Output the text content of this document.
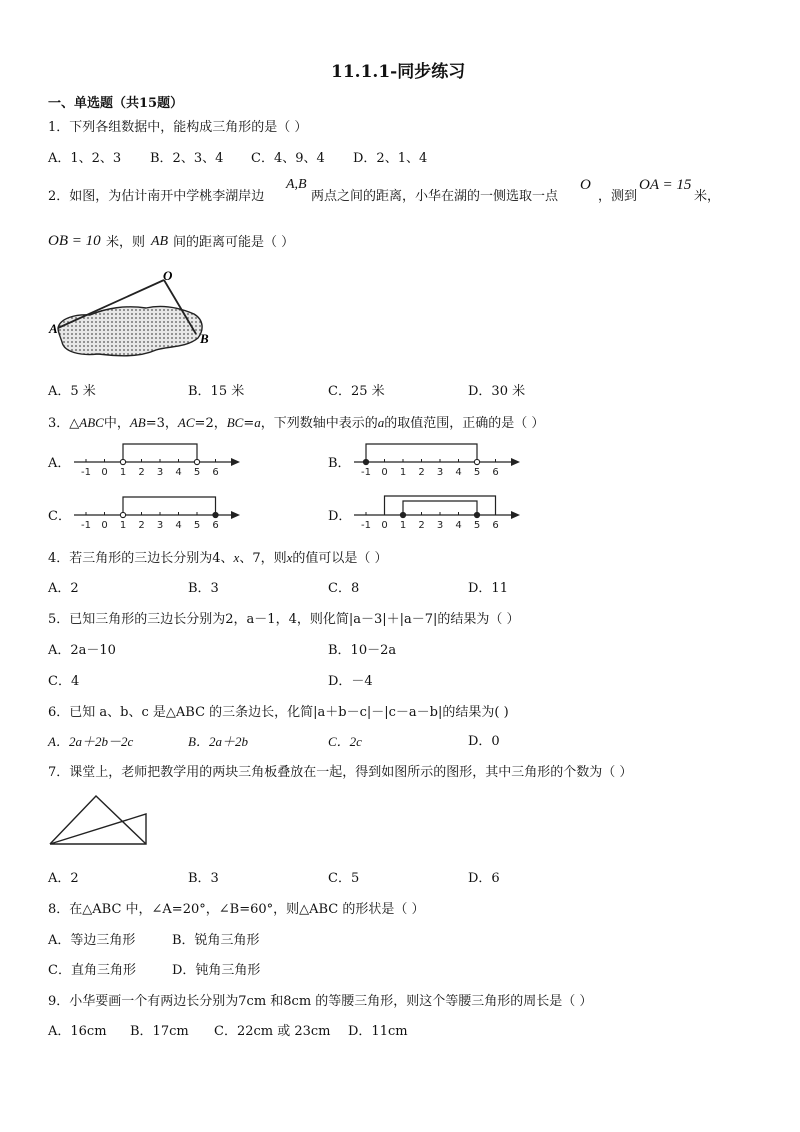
11.1.1-同步练习
一、单选题（共15题）
1．下列各组数据中，能构成三角形的是（ ）
A．1、2、3 B．2、3、4 C．4、9、4 D．2、1、4
2．如图，为估计南开中学桃李湖岸边
A,B
两点之间的距离，小华在湖的一侧选取一点
O
，测到
OA = 15
米，
OB = 10 米，则 AB 间的距离可能是（ ）
O
A
B
A．5 米	B．15 米	C．25 米	D．30 米
3．△ABC中，AB=3，AC=2，BC=a，下列数轴中表示的a的取值范围，正确的是（ ）
A．	B．
C．	D．
-1 0 1 2 3 4 5 6	-1 0 1 2 3 4 5 6
-1 0 1 2 3 4 5 6	-1 0 1 2 3 4 5 6
4．若三角形的三边长分别为4、x、7，则x的值可以是（ ）
A．2	B．3	C．8	D．11
5．已知三角形的三边长分别为2，a－1，4，则化简|a－3|＋|a－7|的结果为（ ）
A．2a－10	B．10－2a
C．4	D．－4
6．已知 a、b、c 是△ABC 的三条边长，化简|a＋b－c|－|c－a－b|的结果为( )
A．2a＋2b－2c	B．2a＋2b	C．2c	D．0
7．课堂上，老师把教学用的两块三角板叠放在一起，得到如图所示的图形，其中三角形的个数为（ ）
A．2	B．3	C．5	D．6
8．在△ABC 中，∠A=20°，∠B=60°，则△ABC 的形状是（ ）
A．等边三角形	B．锐角三角形
C．直角三角形	D．钝角三角形
9．小华要画一个有两边长分别为7cm 和8cm 的等腰三角形，则这个等腰三角形的周长是（ ）
A．16cm B．17cm C．22cm 或 23cm D．11cm
